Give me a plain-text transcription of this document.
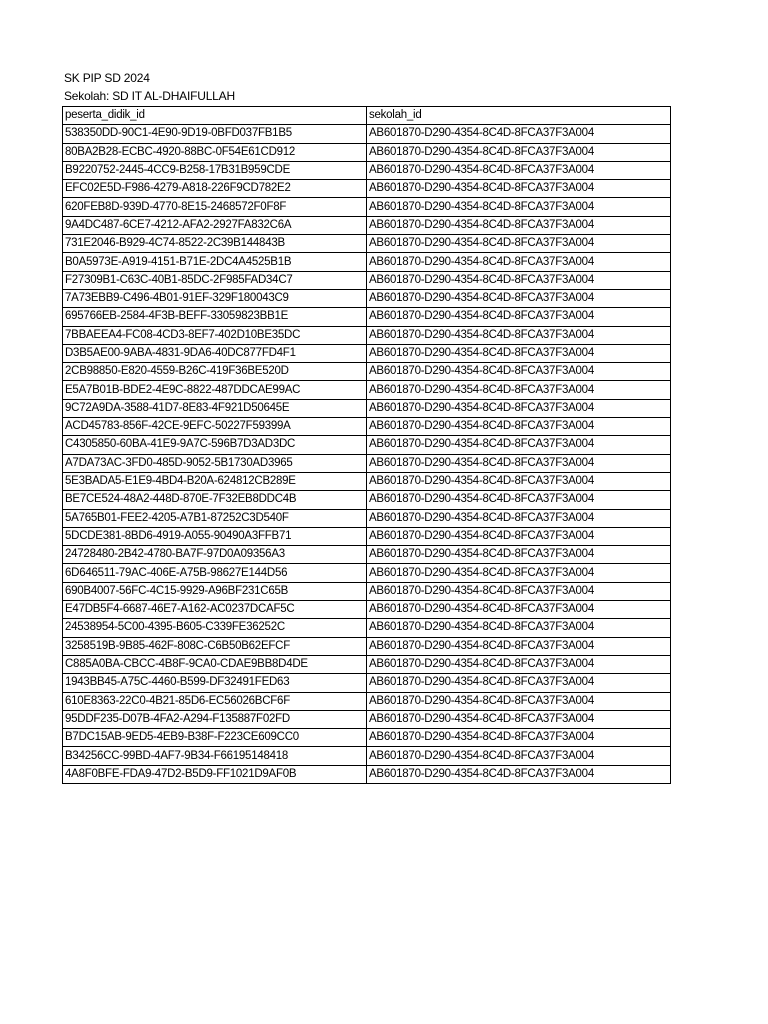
SK PIP SD 2024
Sekolah: SD IT AL-DHAIFULLAH
peserta_didik_id	sekolah_id
538350DD-90C1-4E90-9D19-0BFD037FB1B5	AB601870-D290-4354-8C4D-8FCA37F3A004
80BA2B28-ECBC-4920-88BC-0F54E61CD912	AB601870-D290-4354-8C4D-8FCA37F3A004
B9220752-2445-4CC9-B258-17B31B959CDE	AB601870-D290-4354-8C4D-8FCA37F3A004
EFC02E5D-F986-4279-A818-226F9CD782E2	AB601870-D290-4354-8C4D-8FCA37F3A004
620FEB8D-939D-4770-8E15-2468572F0F8F	AB601870-D290-4354-8C4D-8FCA37F3A004
9A4DC487-6CE7-4212-AFA2-2927FA832C6A	AB601870-D290-4354-8C4D-8FCA37F3A004
731E2046-B929-4C74-8522-2C39B144843B	AB601870-D290-4354-8C4D-8FCA37F3A004
B0A5973E-A919-4151-B71E-2DC4A4525B1B	AB601870-D290-4354-8C4D-8FCA37F3A004
F27309B1-C63C-40B1-85DC-2F985FAD34C7	AB601870-D290-4354-8C4D-8FCA37F3A004
7A73EBB9-C496-4B01-91EF-329F180043C9	AB601870-D290-4354-8C4D-8FCA37F3A004
695766EB-2584-4F3B-BEFF-33059823BB1E	AB601870-D290-4354-8C4D-8FCA37F3A004
7BBAEEA4-FC08-4CD3-8EF7-402D10BE35DC	AB601870-D290-4354-8C4D-8FCA37F3A004
D3B5AE00-9ABA-4831-9DA6-40DC877FD4F1	AB601870-D290-4354-8C4D-8FCA37F3A004
2CB98850-E820-4559-B26C-419F36BE520D	AB601870-D290-4354-8C4D-8FCA37F3A004
E5A7B01B-BDE2-4E9C-8822-487DDCAE99AC	AB601870-D290-4354-8C4D-8FCA37F3A004
9C72A9DA-3588-41D7-8E83-4F921D50645E	AB601870-D290-4354-8C4D-8FCA37F3A004
ACD45783-856F-42CE-9EFC-50227F59399A	AB601870-D290-4354-8C4D-8FCA37F3A004
C4305850-60BA-41E9-9A7C-596B7D3AD3DC	AB601870-D290-4354-8C4D-8FCA37F3A004
A7DA73AC-3FD0-485D-9052-5B1730AD3965	AB601870-D290-4354-8C4D-8FCA37F3A004
5E3BADA5-E1E9-4BD4-B20A-624812CB289E	AB601870-D290-4354-8C4D-8FCA37F3A004
BE7CE524-48A2-448D-870E-7F32EB8DDC4B	AB601870-D290-4354-8C4D-8FCA37F3A004
5A765B01-FEE2-4205-A7B1-87252C3D540F	AB601870-D290-4354-8C4D-8FCA37F3A004
5DCDE381-8BD6-4919-A055-90490A3FFB71	AB601870-D290-4354-8C4D-8FCA37F3A004
24728480-2B42-4780-BA7F-97D0A09356A3	AB601870-D290-4354-8C4D-8FCA37F3A004
6D646511-79AC-406E-A75B-98627E144D56	AB601870-D290-4354-8C4D-8FCA37F3A004
690B4007-56FC-4C15-9929-A96BF231C65B	AB601870-D290-4354-8C4D-8FCA37F3A004
E47DB5F4-6687-46E7-A162-AC0237DCAF5C	AB601870-D290-4354-8C4D-8FCA37F3A004
24538954-5C00-4395-B605-C339FE36252C	AB601870-D290-4354-8C4D-8FCA37F3A004
3258519B-9B85-462F-808C-C6B50B62EFCF	AB601870-D290-4354-8C4D-8FCA37F3A004
C885A0BA-CBCC-4B8F-9CA0-CDAE9BB8D4DE	AB601870-D290-4354-8C4D-8FCA37F3A004
1943BB45-A75C-4460-B599-DF32491FED63	AB601870-D290-4354-8C4D-8FCA37F3A004
610E8363-22C0-4B21-85D6-EC56026BCF6F	AB601870-D290-4354-8C4D-8FCA37F3A004
95DDF235-D07B-4FA2-A294-F135887F02FD	AB601870-D290-4354-8C4D-8FCA37F3A004
B7DC15AB-9ED5-4EB9-B38F-F223CE609CC0	AB601870-D290-4354-8C4D-8FCA37F3A004
B34256CC-99BD-4AF7-9B34-F66195148418	AB601870-D290-4354-8C4D-8FCA37F3A004
4A8F0BFE-FDA9-47D2-B5D9-FF1021D9AF0B	AB601870-D290-4354-8C4D-8FCA37F3A004
